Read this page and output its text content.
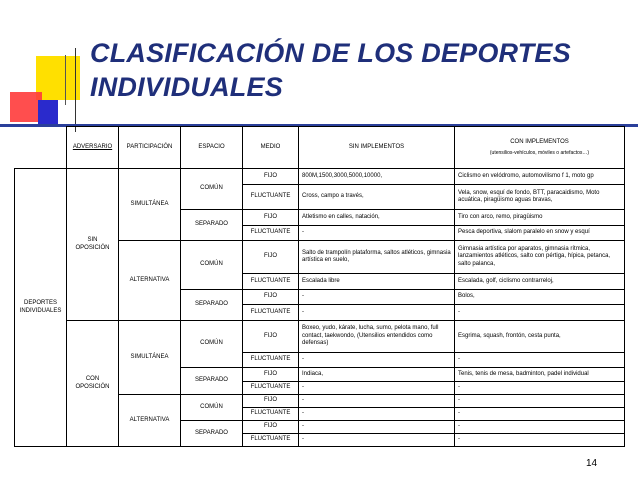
CLASIFICACIÓN DE LOS DEPORTES INDIVIDUALES
	ADVERSARIO	PARTICIPACIÓN	ESPACIO	MEDIO	SIN IMPLEMENTOS	CON IMPLEMENTOS
(utensilios-vehículos, móviles o artefactos…)

DEPORTES INDIVIDUALES	SIN OPOSICIÓN	SIMULTÁNEA	COMÚN	FIJO	800M,1500,3000,5000,10000,	Ciclismo en velódromo, automovilismo f 1, moto gp
				FLUCTUANTE	Cross, campo a través,	Vela, snow, esquí de fondo, BTT, paracaidismo, Moto acuática, piragüismo aguas bravas,
			SEPARADO	FIJO	Atletismo en calles, natación,	Tiro con arco, remo, piragüismo
				FLUCTUANTE	-	Pesca deportiva, slalom paralelo en snow y esquí
		ALTERNATIVA	COMÚN	FIJO	Salto de trampolín plataforma, saltos atléticos, gimnasia artística en suelo,	Gimnasia artística por aparatos, gimnasia rítmica, lanzamientos atléticos, salto con pértiga, hípica, petanca, salto palanca,
				FLUCTUANTE	Escalada libre	Escalada, golf, ciclismo contrarreloj,
			SEPARADO	FIJO	-	Bolos,
				FLUCTUANTE	-	-
	CON OPOSICIÓN	SIMULTÁNEA	COMÚN	FIJO	Boxeo, yudo, kárate, lucha, sumo, pelota mano, full contact, taekwondo, (Utensilios entendidos como defensas)	Esgrima, squash, frontón, cesta punta,
				FLUCTUANTE	-	-
			SEPARADO	FIJO	Indiaca,	Tenis, tenis de mesa, badminton, padel individual
				FLUCTUANTE	-	-
		ALTERNATIVA	COMÚN	FIJO	-	-
				FLUCTUANTE	-	-
			SEPARADO	FIJO	-	-
				FLUCTUANTE	-	-
14
